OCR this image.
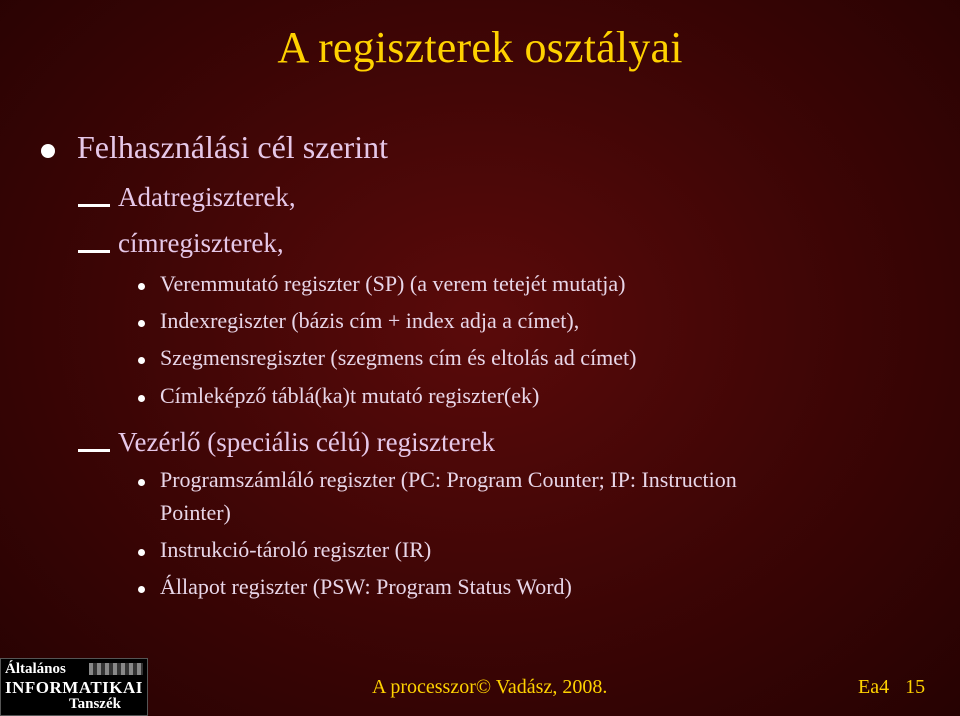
A regiszterek osztályai
Felhasználási cél szerint
Adatregiszterek,
címregiszterek,
Veremmutató regiszter (SP) (a verem tetejét mutatja)
Indexregiszter (bázis cím + index adja a címet),
Szegmensregiszter (szegmens cím és eltolás ad címet)
Címleképző táblá(ka)t mutató regiszter(ek)
Vezérlő (speciális célú) regiszterek
Programszámláló regiszter (PC: Program Counter; IP: Instruction
Pointer)
Instrukció-tároló regiszter (IR)
Állapot regiszter (PSW: Program Status Word)
Általános
INFORMATIKAI
Tanszék
A processzor© Vadász, 2008.	Ea4 15
